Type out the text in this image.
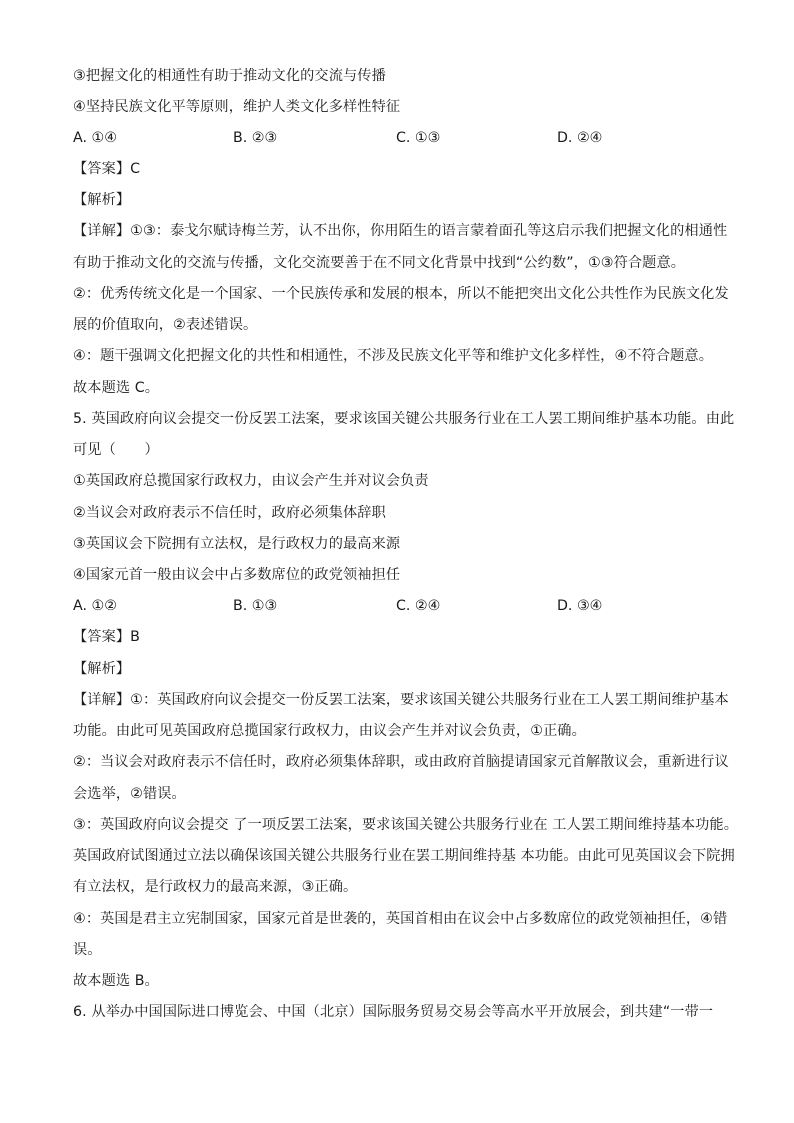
③把握文化的相通性有助于推动文化的交流与传播
④坚持民族文化平等原则，维护人类文化多样性特征
A. ①④	B. ②③	C. ①③	D. ②④
【答案】C
【解析】
【详解】①③：泰戈尔赋诗梅兰芳，认不出你，你用陌生的语言蒙着面孔等这启示我们把握文化的相通性
有助于推动文化的交流与传播，文化交流要善于在不同文化背景中找到“公约数”，①③符合题意。
②：优秀传统文化是一个国家、一个民族传承和发展的根本，所以不能把突出文化公共性作为民族文化发
展的价值取向，②表述错误。
④：题干强调文化把握文化的共性和相通性，不涉及民族文化平等和维护文化多样性，④不符合题意。
故本题选 C。
5. 英国政府向议会提交一份反罢工法案，要求该国关键公共服务行业在工人罢工期间维护基本功能。由此
可见（　　）
①英国政府总揽国家行政权力，由议会产生并对议会负责
②当议会对政府表示不信任时，政府必须集体辞职
③英国议会下院拥有立法权，是行政权力的最高来源
④国家元首一般由议会中占多数席位的政党领袖担任
A. ①②	B. ①③	C. ②④	D. ③④
【答案】B
【解析】
【详解】①：英国政府向议会提交一份反罢工法案，要求该国关键公共服务行业在工人罢工期间维护基本
功能。由此可见英国政府总揽国家行政权力，由议会产生并对议会负责，①正确。
②：当议会对政府表示不信任时，政府必须集体辞职，或由政府首脑提请国家元首解散议会，重新进行议
会选举，②错误。
③：英国政府向议会提交 了一项反罢工法案，要求该国关键公共服务行业在 工人罢工期间维持基本功能。
英国政府试图通过立法以确保该国关键公共服务行业在罢工期间维持基 本功能。由此可见英国议会下院拥
有立法权，是行政权力的最高来源，③正确。
④：英国是君主立宪制国家，国家元首是世袭的，英国首相由在议会中占多数席位的政党领袖担任，④错
误。
故本题选 B。
6. 从举办中国国际进口博览会、中国（北京）国际服务贸易交易会等高水平开放展会，到共建“一带一
